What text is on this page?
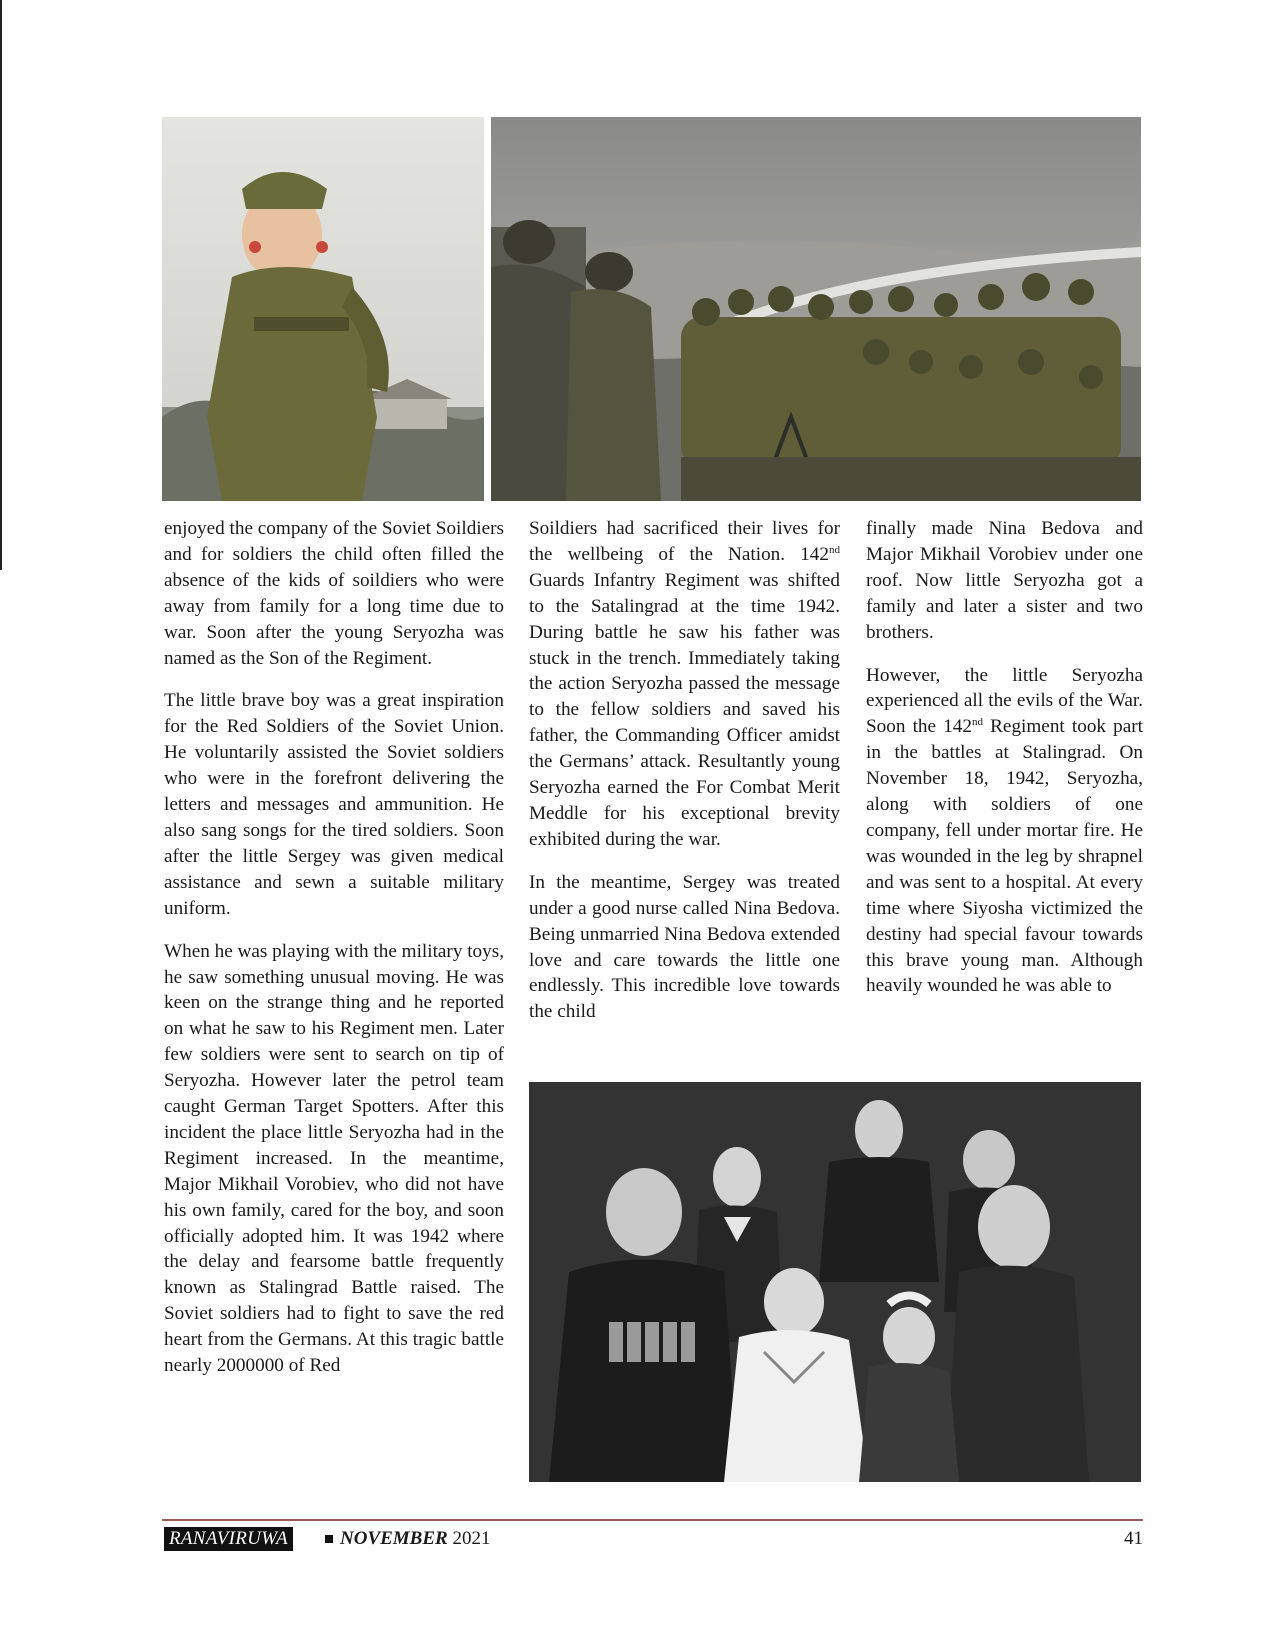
enjoyed the company of the Soviet Soildiers and for soldiers the child often filled the absence of the kids of soildiers who were away from family for a long time due to war. Soon after the young Seryozha was named as the Son of the Regiment.

The little brave boy was a great inspiration for the Red Soldiers of the Soviet Union. He voluntarily assisted the Soviet soldiers who were in the forefront delivering the letters and messages and ammunition. He also sang songs for the tired soldiers. Soon after the little Sergey was given medical assistance and sewn a suitable military uniform.

When he was playing with the military toys, he saw something unusual moving. He was keen on the strange thing and he reported on what he saw to his Regiment men. Later few soldiers were sent to search on tip of Seryozha. However later the petrol team caught German Target Spotters. After this incident the place little Seryozha had in the Regiment increased. In the meantime, Major Mikhail Vorobiev, who did not have his own family, cared for the boy, and soon officially adopted him. It was 1942 where the delay and fearsome battle frequently known as Stalingrad Battle raised. The Soviet soldiers had to fight to save the red heart from the Germans. At this tragic battle nearly 2000000 of Red

Soildiers had sacrificed their lives for the wellbeing of the Nation. 142nd Guards Infantry Regiment was shifted to the Satalingrad at the time 1942. During battle he saw his father was stuck in the trench. Immediately taking the action Seryozha passed the message to the fellow soldiers and saved his father, the Commanding Officer amidst the Germans’ attack. Resultantly young Seryozha earned the For Combat Merit Meddle for his exceptional brevity exhibited during the war.

In the meantime, Sergey was treated under a good nurse called Nina Bedova. Being unmarried Nina Bedova extended love and care towards the little one endlessly. This incredible love towards the child

finally made Nina Bedova and Major Mikhail Vorobiev under one roof. Now little Seryozha got a family and later a sister and two brothers.

However, the little Seryozha experienced all the evils of the War. Soon the 142nd Regiment took part in the battles at Stalingrad. On November 18, 1942, Seryozha, along with soldiers of one company, fell under mortar fire. He was wounded in the leg by shrapnel and was sent to a hospital. At every time where Siyosha victimized the destiny had special favour towards this brave young man. Although heavily wounded he was able to

RANAVIRUWA	NOVEMBER 2021	41
